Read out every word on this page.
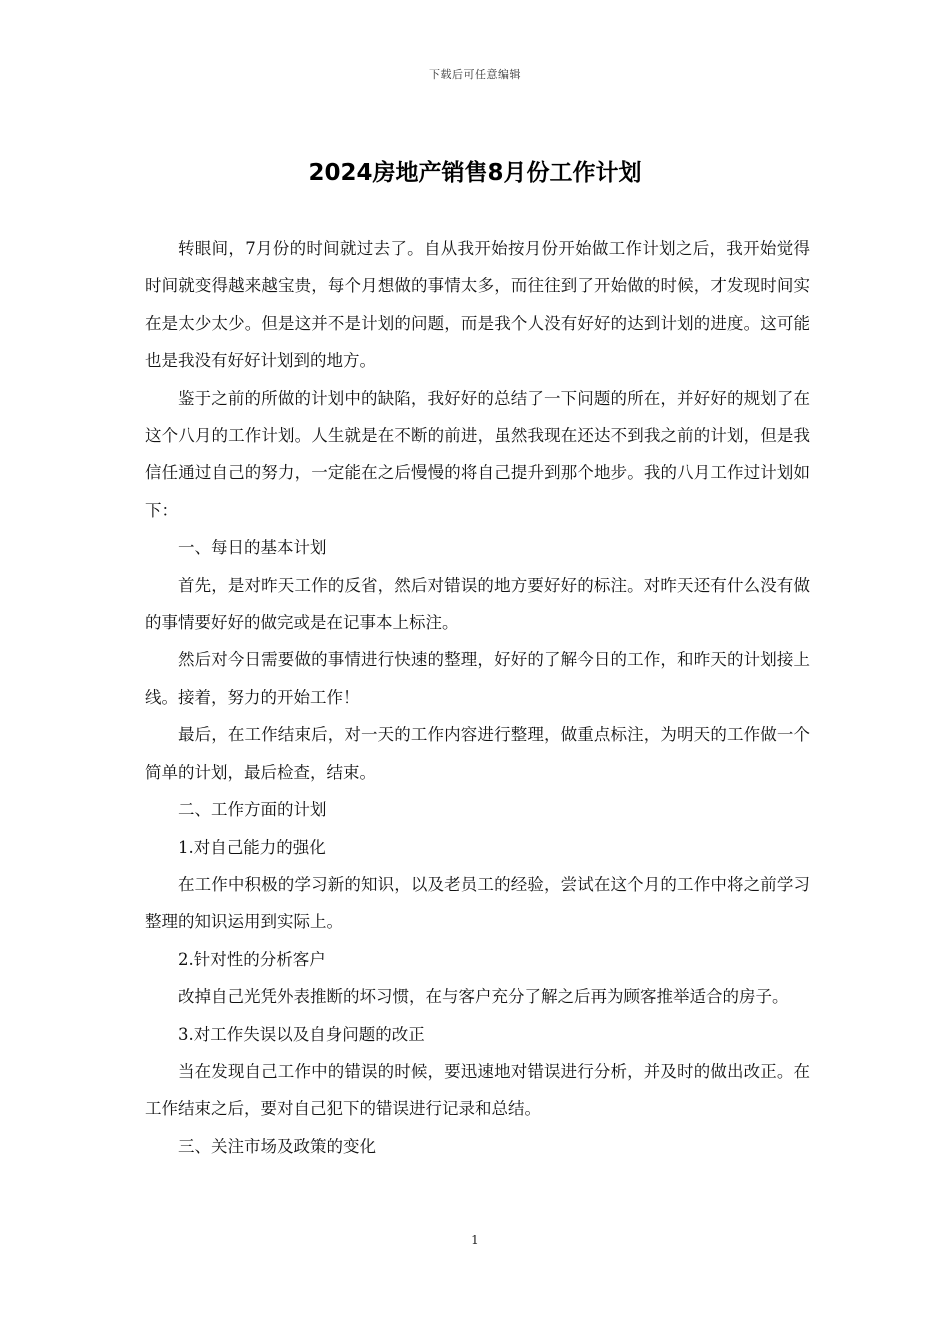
下载后可任意编辑
2024房地产销售8月份工作计划

转眼间，7月份的时间就过去了。自从我开始按月份开始做工作计划之后，我开始觉得时间就变得越来越宝贵，每个月想做的事情太多，而往往到了开始做的时候，才发现时间实在是太少太少。但是这并不是计划的问题，而是我个人没有好好的达到计划的进度。这可能也是我没有好好计划到的地方。

鉴于之前的所做的计划中的缺陷，我好好的总结了一下问题的所在，并好好的规划了在这个八月的工作计划。人生就是在不断的前进，虽然我现在还达不到我之前的计划，但是我信任通过自己的努力，一定能在之后慢慢的将自己提升到那个地步。我的八月工作过计划如下：

一、每日的基本计划

首先，是对昨天工作的反省，然后对错误的地方要好好的标注。对昨天还有什么没有做的事情要好好的做完或是在记事本上标注。

然后对今日需要做的事情进行快速的整理，好好的了解今日的工作，和昨天的计划接上线。接着，努力的开始工作！

最后，在工作结束后，对一天的工作内容进行整理，做重点标注，为明天的工作做一个简单的计划，最后检查，结束。

二、工作方面的计划

1.对自己能力的强化

在工作中积极的学习新的知识，以及老员工的经验，尝试在这个月的工作中将之前学习整理的知识运用到实际上。

2.针对性的分析客户

改掉自己光凭外表推断的坏习惯，在与客户充分了解之后再为顾客推举适合的房子。

3.对工作失误以及自身问题的改正

当在发现自己工作中的错误的时候，要迅速地对错误进行分析，并及时的做出改正。在工作结束之后，要对自己犯下的错误进行记录和总结。

三、关注市场及政策的变化

1
